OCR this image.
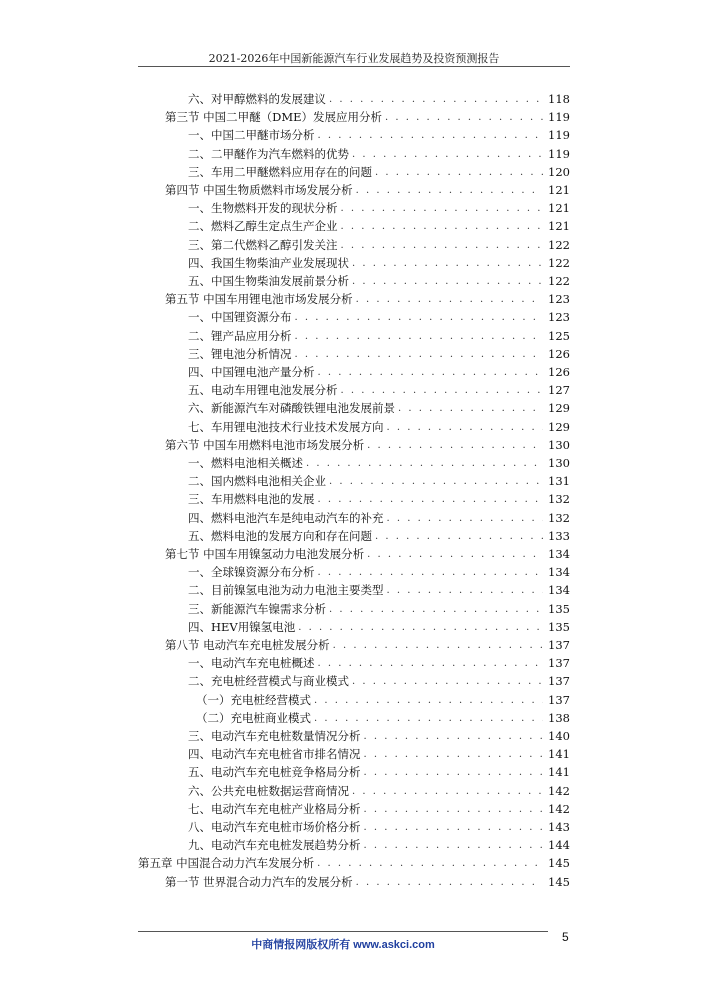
2021-2026年中国新能源汽车行业发展趋势及投资预测报告
六、对甲醇燃料的发展建议 . . .	118
第三节 中国二甲醚（DME）发展应用分析 . . .	119
一、中国二甲醚市场分析 . . .	119
二、二甲醚作为汽车燃料的优势 . . .	119
三、车用二甲醚燃料应用存在的问题 . . .	120
第四节 中国生物质燃料市场发展分析 . . .	121
一、生物燃料开发的现状分析 . . .	121
二、燃料乙醇生定点生产企业 . . .	121
三、第二代燃料乙醇引发关注 . . .	122
四、我国生物柴油产业发展现状 . . .	122
五、中国生物柴油发展前景分析 . . .	122
第五节 中国车用锂电池市场发展分析 . . .	123
一、中国锂资源分布 . . .	123
二、锂产品应用分析 . . .	125
三、锂电池分析情况 . . .	126
四、中国锂电池产量分析 . . .	126
五、电动车用锂电池发展分析 . . .	127
六、新能源汽车对磷酸铁锂电池发展前景 . . .	129
七、车用锂电池技术行业技术发展方向 . . .	129
第六节 中国车用燃料电池市场发展分析 . . .	130
一、燃料电池相关概述 . . .	130
二、国内燃料电池相关企业 . . .	131
三、车用燃料电池的发展 . . .	132
四、燃料电池汽车是纯电动汽车的补充 . . .	132
五、燃料电池的发展方向和存在问题 . . .	133
第七节 中国车用镍氢动力电池发展分析 . . .	134
一、全球镍资源分布分析 . . .	134
二、目前镍氢电池为动力电池主要类型 . . .	134
三、新能源汽车镍需求分析 . . .	135
四、HEV用镍氢电池 . . .	135
第八节 电动汽车充电桩发展分析 . . .	137
一、电动汽车充电桩概述 . . .	137
二、充电桩经营模式与商业模式 . . .	137
（一）充电桩经营模式 . . .	137
（二）充电桩商业模式 . . .	138
三、电动汽车充电桩数量情况分析 . . .	140
四、电动汽车充电桩省市排名情况 . . .	141
五、电动汽车充电桩竞争格局分析 . . .	141
六、公共充电桩数据运营商情况 . . .	142
七、电动汽车充电桩产业格局分析 . . .	142
八、电动汽车充电桩市场价格分析 . . .	143
九、电动汽车充电桩发展趋势分析 . . .	144
第五章 中国混合动力汽车发展分析 . . .	145
第一节 世界混合动力汽车的发展分析 . . .	145
中商情报网版权所有 www.askci.com
5
